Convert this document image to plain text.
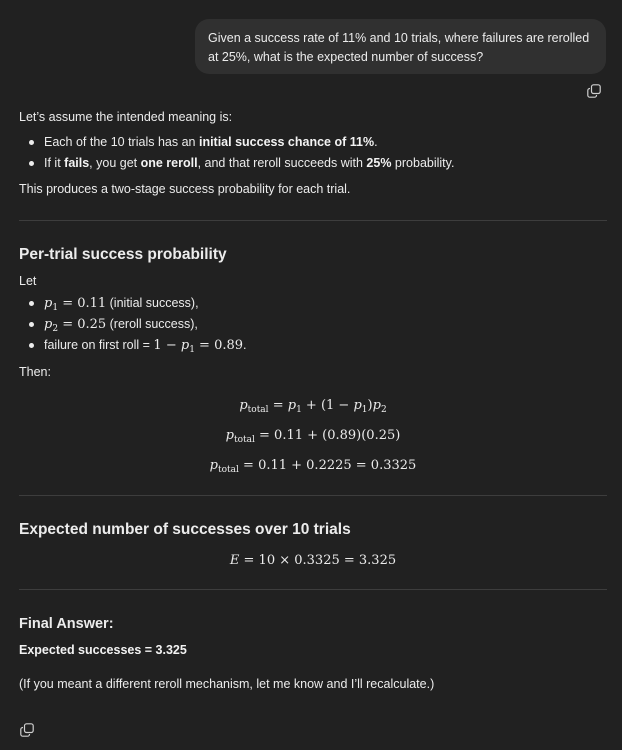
Given a success rate of 11% and 10 trials, where failures are rerolled at 25%, what is the expected number of success?

Let’s assume the intended meaning is:

Each of the 10 trials has an initial success chance of 11%.
If it fails, you get one reroll, and that reroll succeeds with 25% probability.

This produces a two-stage success probability for each trial.

Per-trial success probability

Let

$p_1 = 0.11$ (initial success),
$p_2 = 0.25$ (reroll success),
failure on first roll = $1 - p_1 = 0.89$.

Then:

$p_{total} = p_1 + (1 - p_1)p_2$
$p_{total} = 0.11 + (0.89)(0.25)$
$p_{total} = 0.11 + 0.2225 = 0.3325$
Expected number of successes over 10 trials
E = 10 × 0.3325 = 3.325
Final Answer:

Expected successes = 3.325

(If you meant a different reroll mechanism, let me know and I’ll recalculate.)
